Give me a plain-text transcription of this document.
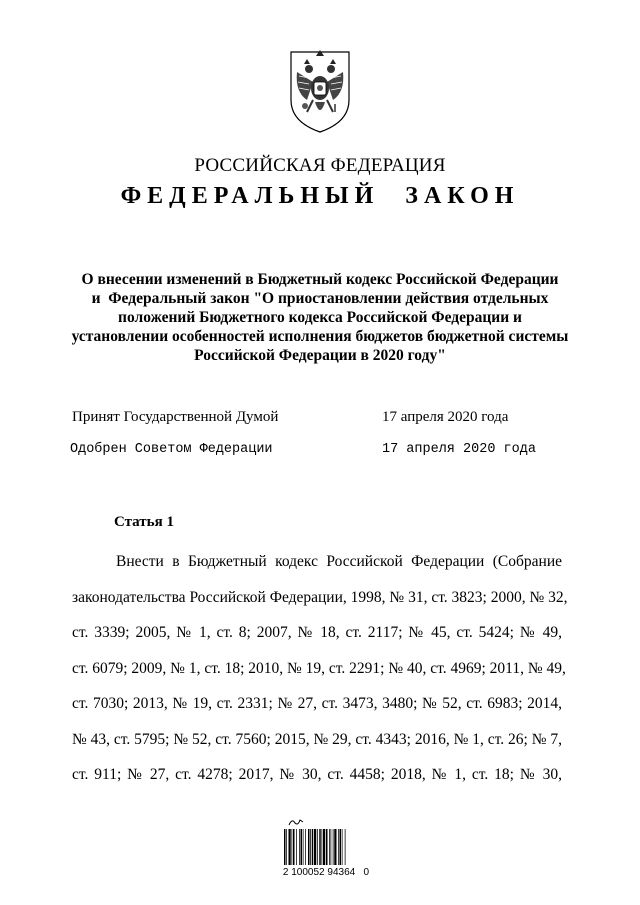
РОССИЙСКАЯ ФЕДЕРАЦИЯ
ФЕДЕРАЛЬНЫЙ ЗАКОН
О внесении изменений в Бюджетный кодекс Российской Федерации
и  Федеральный закон "О приостановлении действия отдельных
положений Бюджетного кодекса Российской Федерации и
установлении особенностей исполнения бюджетов бюджетной системы
Российской Федерации в 2020 году"
Принят Государственной Думой	17 апреля 2020 года
Одобрен Советом Федерации	17 апреля 2020 года
Статья 1
Внести в Бюджетный кодекс Российской Федерации (Собрание
законодательства Российской Федерации, 1998, № 31, ст. 3823; 2000, № 32,
ст. 3339; 2005, № 1, ст. 8; 2007, № 18, ст. 2117; № 45, ст. 5424; № 49,
ст. 6079; 2009, № 1, ст. 18; 2010, № 19, ст. 2291; № 40, ст. 4969; 2011, № 49,
ст. 7030; 2013, № 19, ст. 2331; № 27, ст. 3473, 3480; № 52, ст. 6983; 2014,
№ 43, ст. 5795; № 52, ст. 7560; 2015, № 29, ст. 4343; 2016, № 1, ст. 26; № 7,
ст. 911; № 27, ст. 4278; 2017, № 30, ст. 4458; 2018, № 1, ст. 18; № 30,
2 100052 94364   0
